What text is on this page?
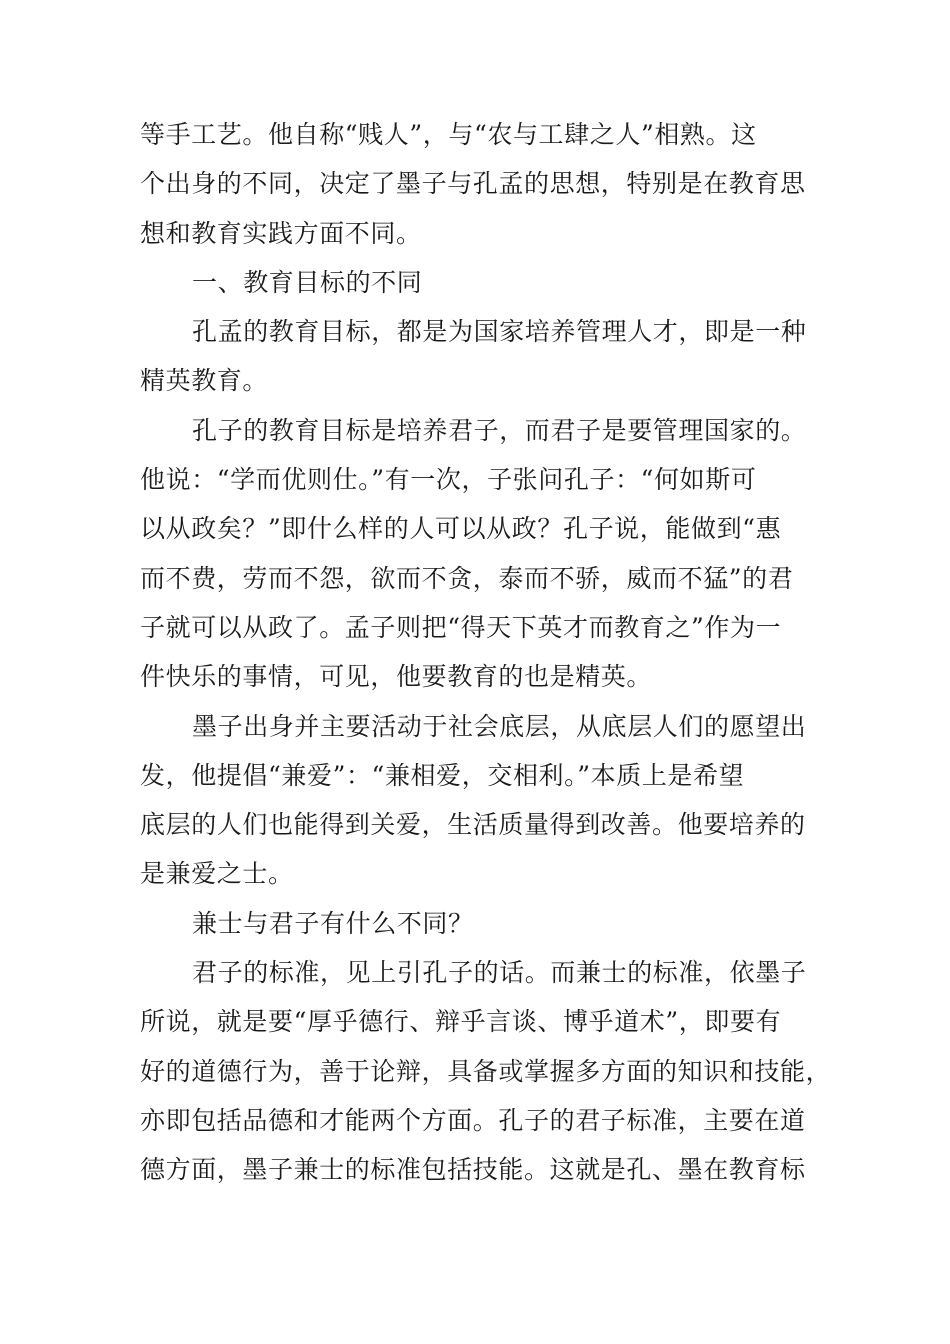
等手工艺。他自称“贱人”，与“农与工肆之人”相熟。这
个出身的不同，决定了墨子与孔孟的思想，特别是在教育思
想和教育实践方面不同。
一、教育目标的不同
孔孟的教育目标，都是为国家培养管理人才，即是一种
精英教育。
孔子的教育目标是培养君子，而君子是要管理国家的。
他说：“学而优则仕。”有一次，子张问孔子：“何如斯可
以从政矣？”即什么样的人可以从政？孔子说，能做到“惠
而不费，劳而不怨，欲而不贪，泰而不骄，威而不猛”的君
子就可以从政了。孟子则把“得天下英才而教育之”作为一
件快乐的事情，可见，他要教育的也是精英。
墨子出身并主要活动于社会底层，从底层人们的愿望出
发，他提倡“兼爱”：“兼相爱，交相利。”本质上是希望
底层的人们也能得到关爱，生活质量得到改善。他要培养的
是兼爱之士。
兼士与君子有什么不同？
君子的标准，见上引孔子的话。而兼士的标准，依墨子
所说，就是要“厚乎德行、辩乎言谈、博乎道术”，即要有
好的道德行为，善于论辩，具备或掌握多方面的知识和技能，
亦即包括品德和才能两个方面。孔子的君子标准，主要在道
德方面，墨子兼士的标准包括技能。这就是孔、墨在教育标
